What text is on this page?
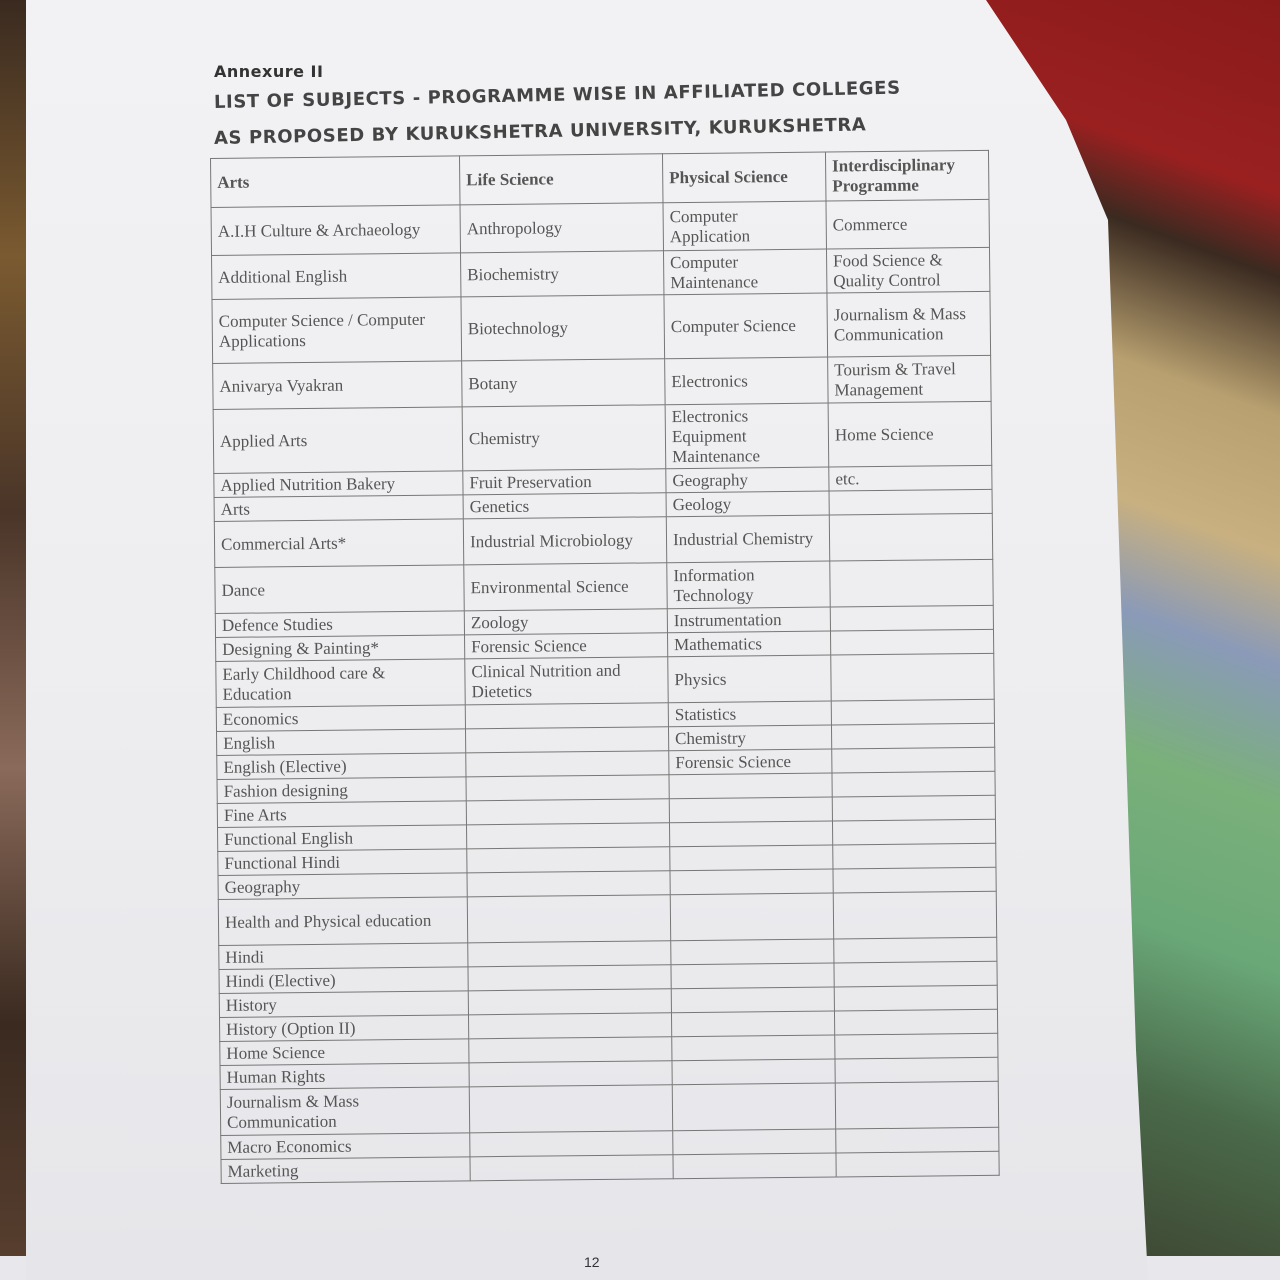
Annexure II
LIST OF SUBJECTS - PROGRAMME WISE IN AFFILIATED COLLEGES
AS PROPOSED BY KURUKSHETRA UNIVERSITY, KURUKSHETRA
Arts	Life Science	Physical Science	Interdisciplinary Programme
A.I.H Culture & Archaeology	Anthropology	Computer Application	Commerce
Additional English	Biochemistry	Computer Maintenance	Food Science & Quality Control
Computer Science / Computer Applications	Biotechnology	Computer Science	Journalism & Mass Communication
Anivarya Vyakran	Botany	Electronics	Tourism & Travel Management
Applied Arts	Chemistry	Electronics Equipment Maintenance	Home Science
Applied Nutrition Bakery	Fruit Preservation	Geography	etc.
Arts	Genetics	Geology	
Commercial Arts*	Industrial Microbiology	Industrial Chemistry	
Dance	Environmental Science	Information Technology	
Defence Studies	Zoology	Instrumentation	
Designing & Painting*	Forensic Science	Mathematics	
Early Childhood care & Education	Clinical Nutrition and Dietetics	Physics	
Economics		Statistics	
English		Chemistry	
English (Elective)		Forensic Science	
Fashion designing			
Fine Arts			
Functional English			
Functional Hindi			
Geography			
Health and Physical education			
Hindi			
Hindi (Elective)			
History			
History (Option II)			
Home Science			
Human Rights			
Journalism & Mass Communication			
Macro Economics			
Marketing			
12
